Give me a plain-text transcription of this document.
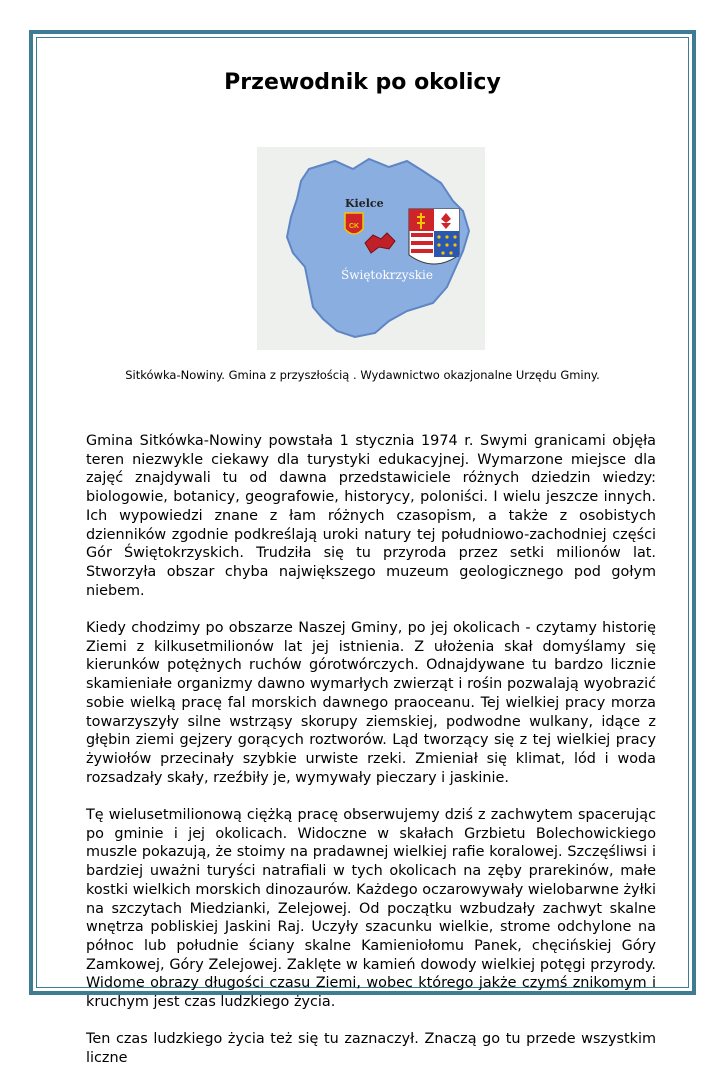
Przewodnik po okolicy
Kielce
CK
Świętokrzyskie
Sitkówka-Nowiny. Gmina z przyszłością . Wydawnictwo okazjonalne Urzędu Gminy.

Gmina Sitkówka-Nowiny powstała 1 stycznia 1974 r. Swymi granicami objęła teren niezwykle ciekawy dla turystyki edukacyjnej. Wymarzone miejsce dla zajęć znajdywali tu od dawna przedstawiciele różnych dziedzin wiedzy: biologowie, botanicy, geografowie, historycy, poloniści. I wielu jeszcze innych. Ich wypowiedzi znane z łam różnych czasopism, a także z osobistych dzienników zgodnie podkreślają uroki natury tej południowo-zachodniej części Gór Świętokrzyskich. Trudziła się tu przyroda przez setki milionów lat. Stworzyła obszar chyba największego muzeum geologicznego pod gołym niebem.

Kiedy chodzimy po obszarze Naszej Gminy, po jej okolicach - czytamy historię Ziemi z kilkusetmilionów lat jej istnienia. Z ułożenia skał domyślamy się kierunków potężnych ruchów górotwórczych. Odnajdywane tu bardzo licznie skamieniałe organizmy dawno wymarłych zwierząt i rośin pozwalają wyobrazić sobie wielką pracę fal morskich dawnego praoceanu. Tej wielkiej pracy morza towarzyszyły silne wstrząsy skorupy ziemskiej, podwodne wulkany, idące z głębin ziemi gejzery gorących roztworów. Ląd tworzący się z tej wielkiej pracy żywiołów przecinały szybkie urwiste rzeki. Zmieniał się klimat, lód i woda rozsadzały skały, rzeźbiły je, wymywały pieczary i jaskinie.

Tę wielusetmilionową ciężką pracę obserwujemy dziś z zachwytem spacerując po gminie i jej okolicach. Widoczne w skałach Grzbietu Bolechowickiego muszle pokazują, że stoimy na pradawnej wielkiej rafie koralowej. Szczęśliwsi i bardziej uważni turyści natrafiali w tych okolicach na zęby prarekinów, małe kostki wielkich morskich dinozaurów. Każdego oczarowywały wielobarwne żyłki na szczytach Miedzianki, Zelejowej. Od początku wzbudzały zachwyt skalne wnętrza pobliskiej Jaskini Raj. Uczyły szacunku wielkie, strome odchylone na północ lub południe ściany skalne Kamieniołomu Panek, chęcińskiej Góry Zamkowej, Góry Zelejowej. Zaklęte w kamień dowody wielkiej potęgi przyrody. Widome obrazy długości czasu Ziemi, wobec którego jakże czymś znikomym i kruchym jest czas ludzkiego życia.

Ten czas ludzkiego życia też się tu zaznaczył. Znaczą go tu przede wszystkim liczne
